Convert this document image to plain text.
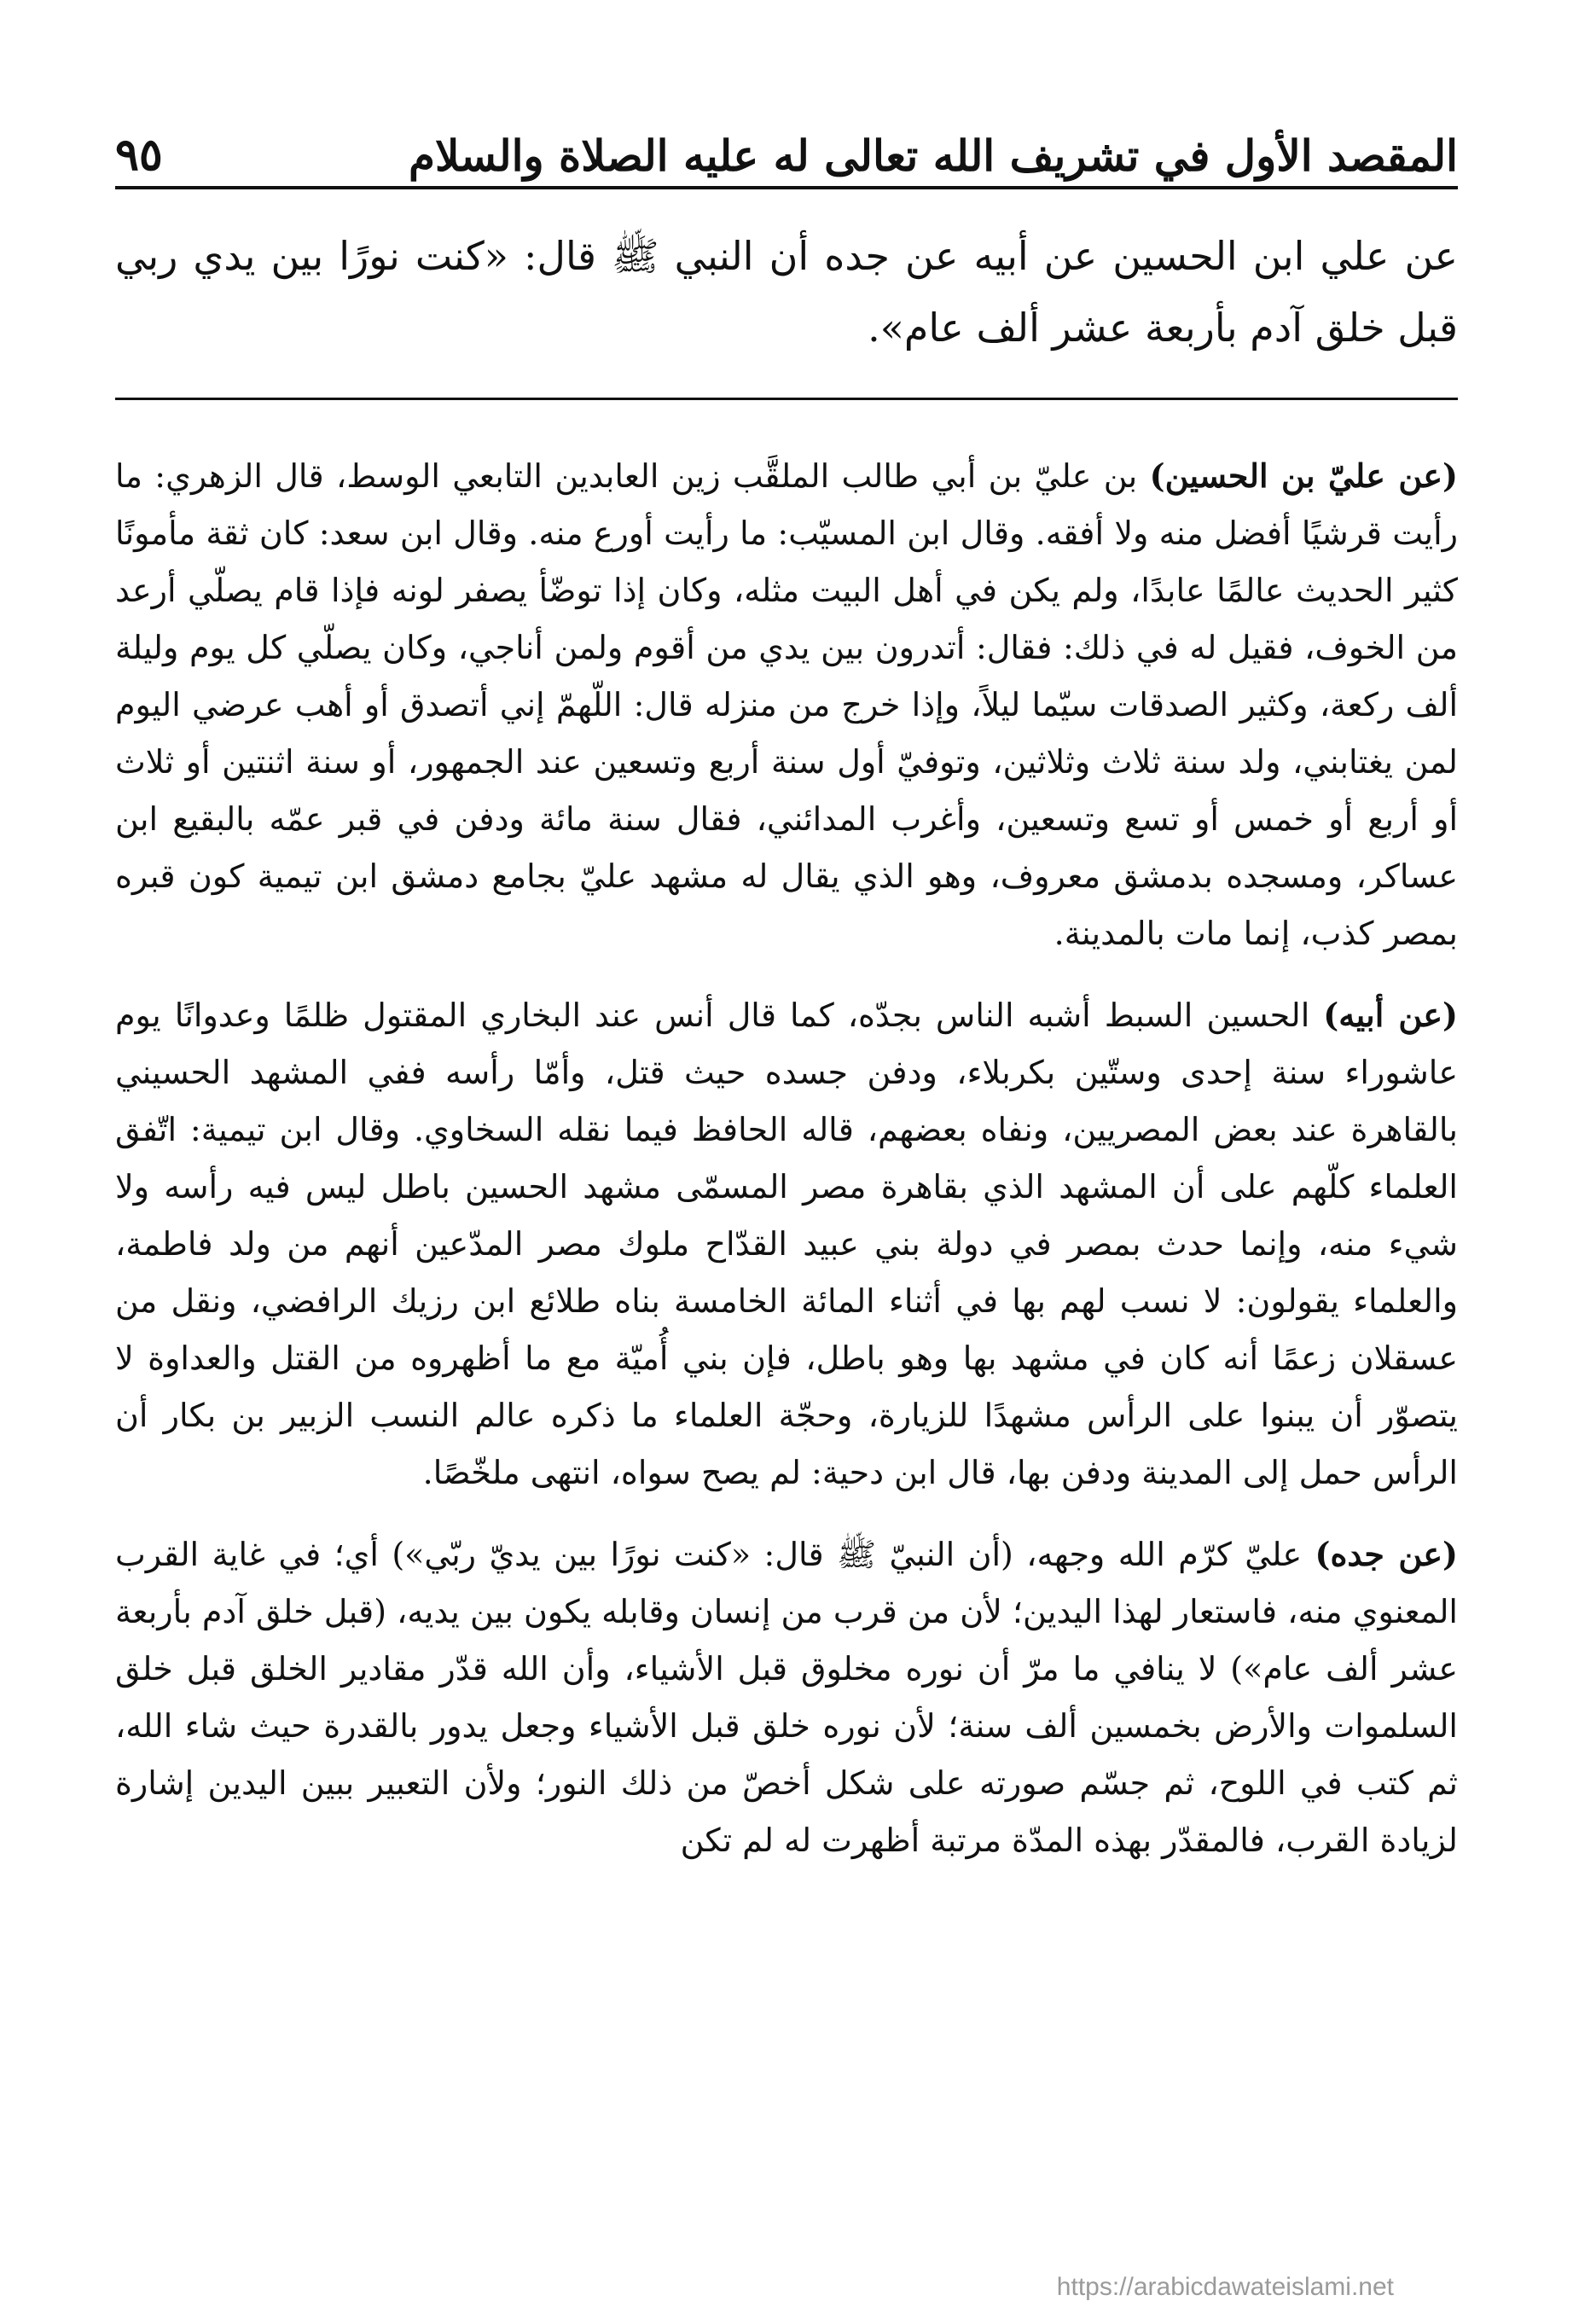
المقصد الأول في تشريف الله تعالى له عليه الصلاة والسلام
٩٥

عن علي ابن الحسين عن أبيه عن جده أن النبي ﷺ قال: «كنت نورًا بين يدي ربي قبل خلق آدم بأربعة عشر ألف عام».

(عن عليّ بن الحسين) بن عليّ بن أبي طالب الملقَّب زين العابدين التابعي الوسط، قال الزهري: ما رأيت قرشيًا أفضل منه ولا أفقه. وقال ابن المسيّب: ما رأيت أورع منه. وقال ابن سعد: كان ثقة مأمونًا كثير الحديث عالمًا عابدًا، ولم يكن في أهل البيت مثله، وكان إذا توضّأ يصفر لونه فإذا قام يصلّي أرعد من الخوف، فقيل له في ذلك: فقال: أتدرون بين يدي من أقوم ولمن أناجي، وكان يصلّي كل يوم وليلة ألف ركعة، وكثير الصدقات سيّما ليلاً، وإذا خرج من منزله قال: اللّهمّ إني أتصدق أو أهب عرضي اليوم لمن يغتابني، ولد سنة ثلاث وثلاثين، وتوفيّ أول سنة أربع وتسعين عند الجمهور، أو سنة اثنتين أو ثلاث أو أربع أو خمس أو تسع وتسعين، وأغرب المدائني، فقال سنة مائة ودفن في قبر عمّه بالبقيع ابن عساكر، ومسجده بدمشق معروف، وهو الذي يقال له مشهد عليّ بجامع دمشق ابن تيمية كون قبره بمصر كذب، إنما مات بالمدينة.

(عن أبيه) الحسين السبط أشبه الناس بجدّه، كما قال أنس عند البخاري المقتول ظلمًا وعدوانًا يوم عاشوراء سنة إحدى وستّين بكربلاء، ودفن جسده حيث قتل، وأمّا رأسه ففي المشهد الحسيني بالقاهرة عند بعض المصريين، ونفاه بعضهم، قاله الحافظ فيما نقله السخاوي. وقال ابن تيمية: اتّفق العلماء كلّهم على أن المشهد الذي بقاهرة مصر المسمّى مشهد الحسين باطل ليس فيه رأسه ولا شيء منه، وإنما حدث بمصر في دولة بني عبيد القدّاح ملوك مصر المدّعين أنهم من ولد فاطمة، والعلماء يقولون: لا نسب لهم بها في أثناء المائة الخامسة بناه طلائع ابن رزيك الرافضي، ونقل من عسقلان زعمًا أنه كان في مشهد بها وهو باطل، فإن بني أُميّة مع ما أظهروه من القتل والعداوة لا يتصوّر أن يبنوا على الرأس مشهدًا للزيارة، وحجّة العلماء ما ذكره عالم النسب الزبير بن بكار أن الرأس حمل إلى المدينة ودفن بها، قال ابن دحية: لم يصح سواه، انتهى ملخّصًا.

(عن جده) عليّ كرّم الله وجهه، (أن النبيّ ﷺ قال: «كنت نورًا بين يديّ ربّي») أي؛ في غاية القرب المعنوي منه، فاستعار لهذا اليدين؛ لأن من قرب من إنسان وقابله يكون بين يديه، (قبل خلق آدم بأربعة عشر ألف عام») لا ينافي ما مرّ أن نوره مخلوق قبل الأشياء، وأن الله قدّر مقادير الخلق قبل خلق السلموات والأرض بخمسين ألف سنة؛ لأن نوره خلق قبل الأشياء وجعل يدور بالقدرة حيث شاء الله، ثم كتب في اللوح، ثم جسّم صورته على شكل أخصّ من ذلك النور؛ ولأن التعبير ببين اليدين إشارة لزيادة القرب، فالمقدّر بهذه المدّة مرتبة أظهرت له لم تكن

https://arabicdawateislami.net
